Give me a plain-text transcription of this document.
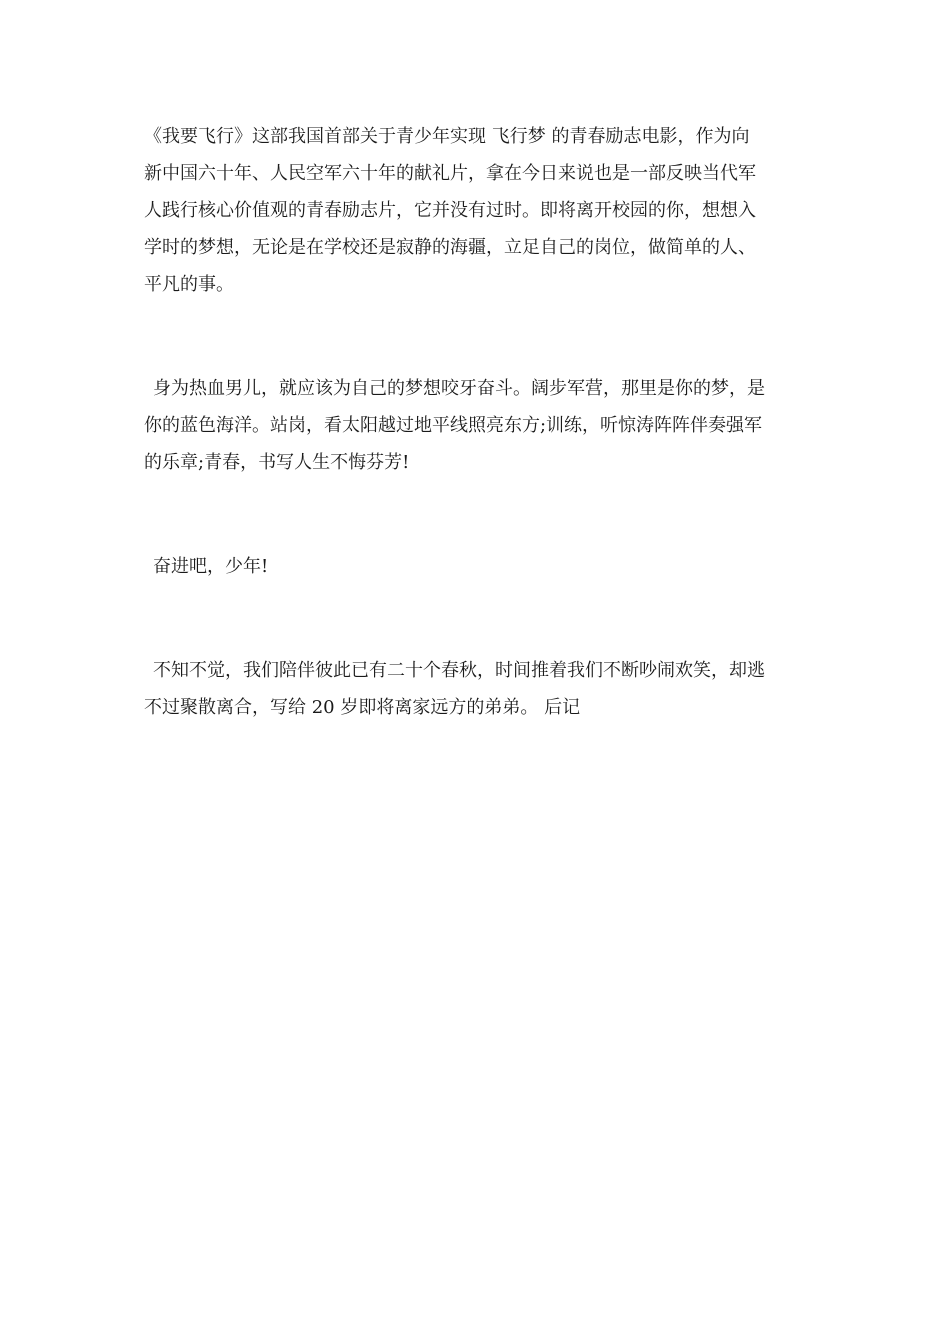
《我要飞行》这部我国首部关于青少年实现 飞行梦 的青春励志电影，作为向
新中国六十年、人民空军六十年的献礼片，拿在今日来说也是一部反映当代军
人践行核心价值观的青春励志片，它并没有过时。即将离开校园的你，想想入
学时的梦想，无论是在学校还是寂静的海疆，立足自己的岗位，做简单的人、
平凡的事。
身为热血男儿，就应该为自己的梦想咬牙奋斗。阔步军营，那里是你的梦，是
你的蓝色海洋。站岗，看太阳越过地平线照亮东方;训练，听惊涛阵阵伴奏强军
的乐章;青春，书写人生不悔芬芳!
奋进吧，少年!
不知不觉，我们陪伴彼此已有二十个春秋，时间推着我们不断吵闹欢笑，却逃
不过聚散离合，写给 20 岁即将离家远方的弟弟。 后记
